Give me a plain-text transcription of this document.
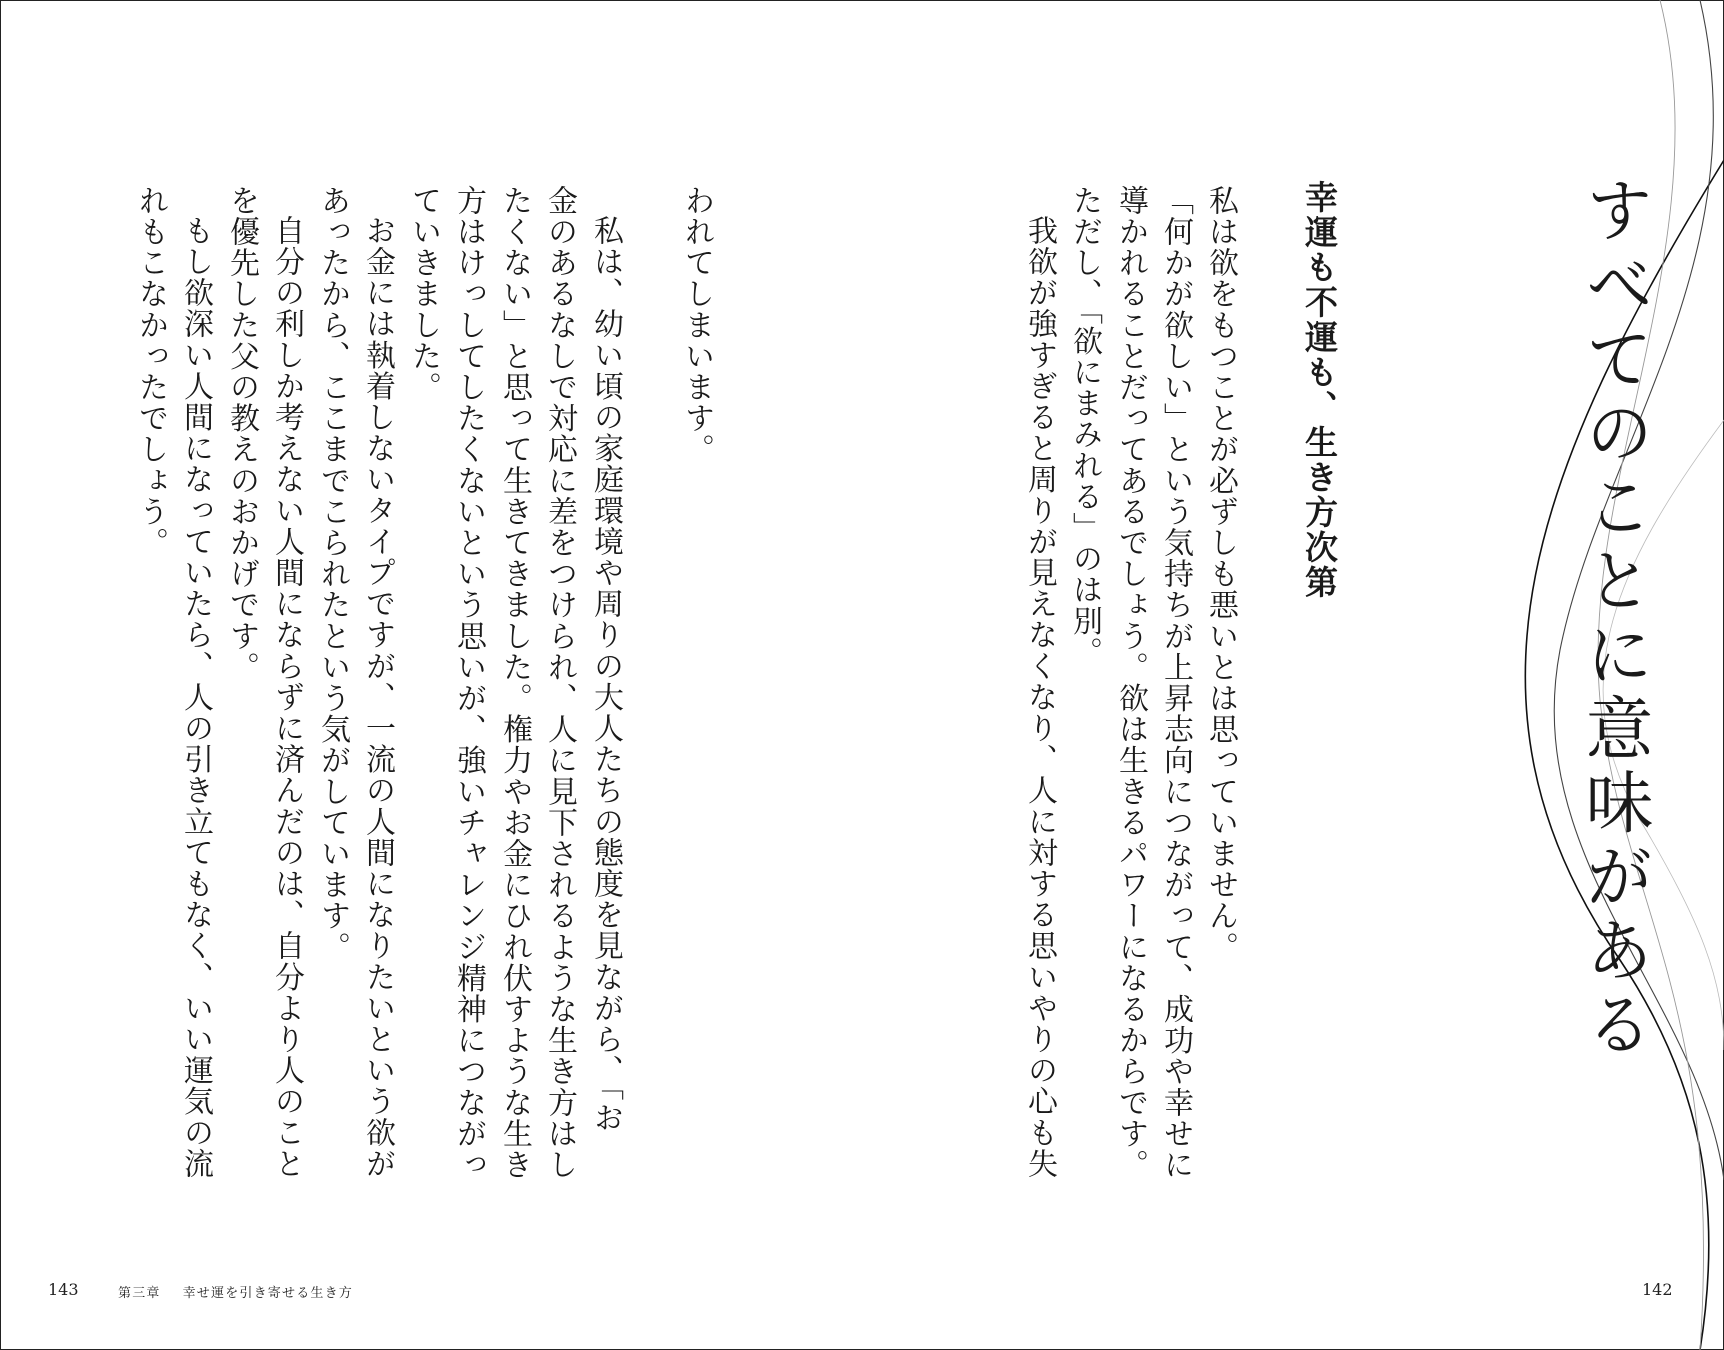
すべてのことに意味がある
幸運も不運も、生き方次第
私は欲をもつことが必ずしも悪いとは思っていません。
「何かが欲しい」という気持ちが上昇志向につながって、成功や幸せに
導かれることだってあるでしょう。欲は生きるパワーになるからです。
ただし、「欲にまみれる」のは別。
我欲が強すぎると周りが見えなくなり、人に対する思いやりの心も失
われてしまいます。
私は、幼い頃の家庭環境や周りの大人たちの態度を見ながら、「お
金のあるなしで対応に差をつけられ、人に見下されるような生き方はし
たくない」と思って生きてきました。権力やお金にひれ伏すような生き
方はけっしてしたくないという思いが、強いチャレンジ精神につながっ
ていきました。
お金には執着しないタイプですが、一流の人間になりたいという欲が
あったから、ここまでこられたという気がしています。
自分の利しか考えない人間にならずに済んだのは、自分より人のこと
を優先した父の教えのおかげです。
もし欲深い人間になっていたら、人の引き立てもなく、いい運気の流
れもこなかったでしょう。
143	第三章 幸せ運を引き寄せる生き方	142
